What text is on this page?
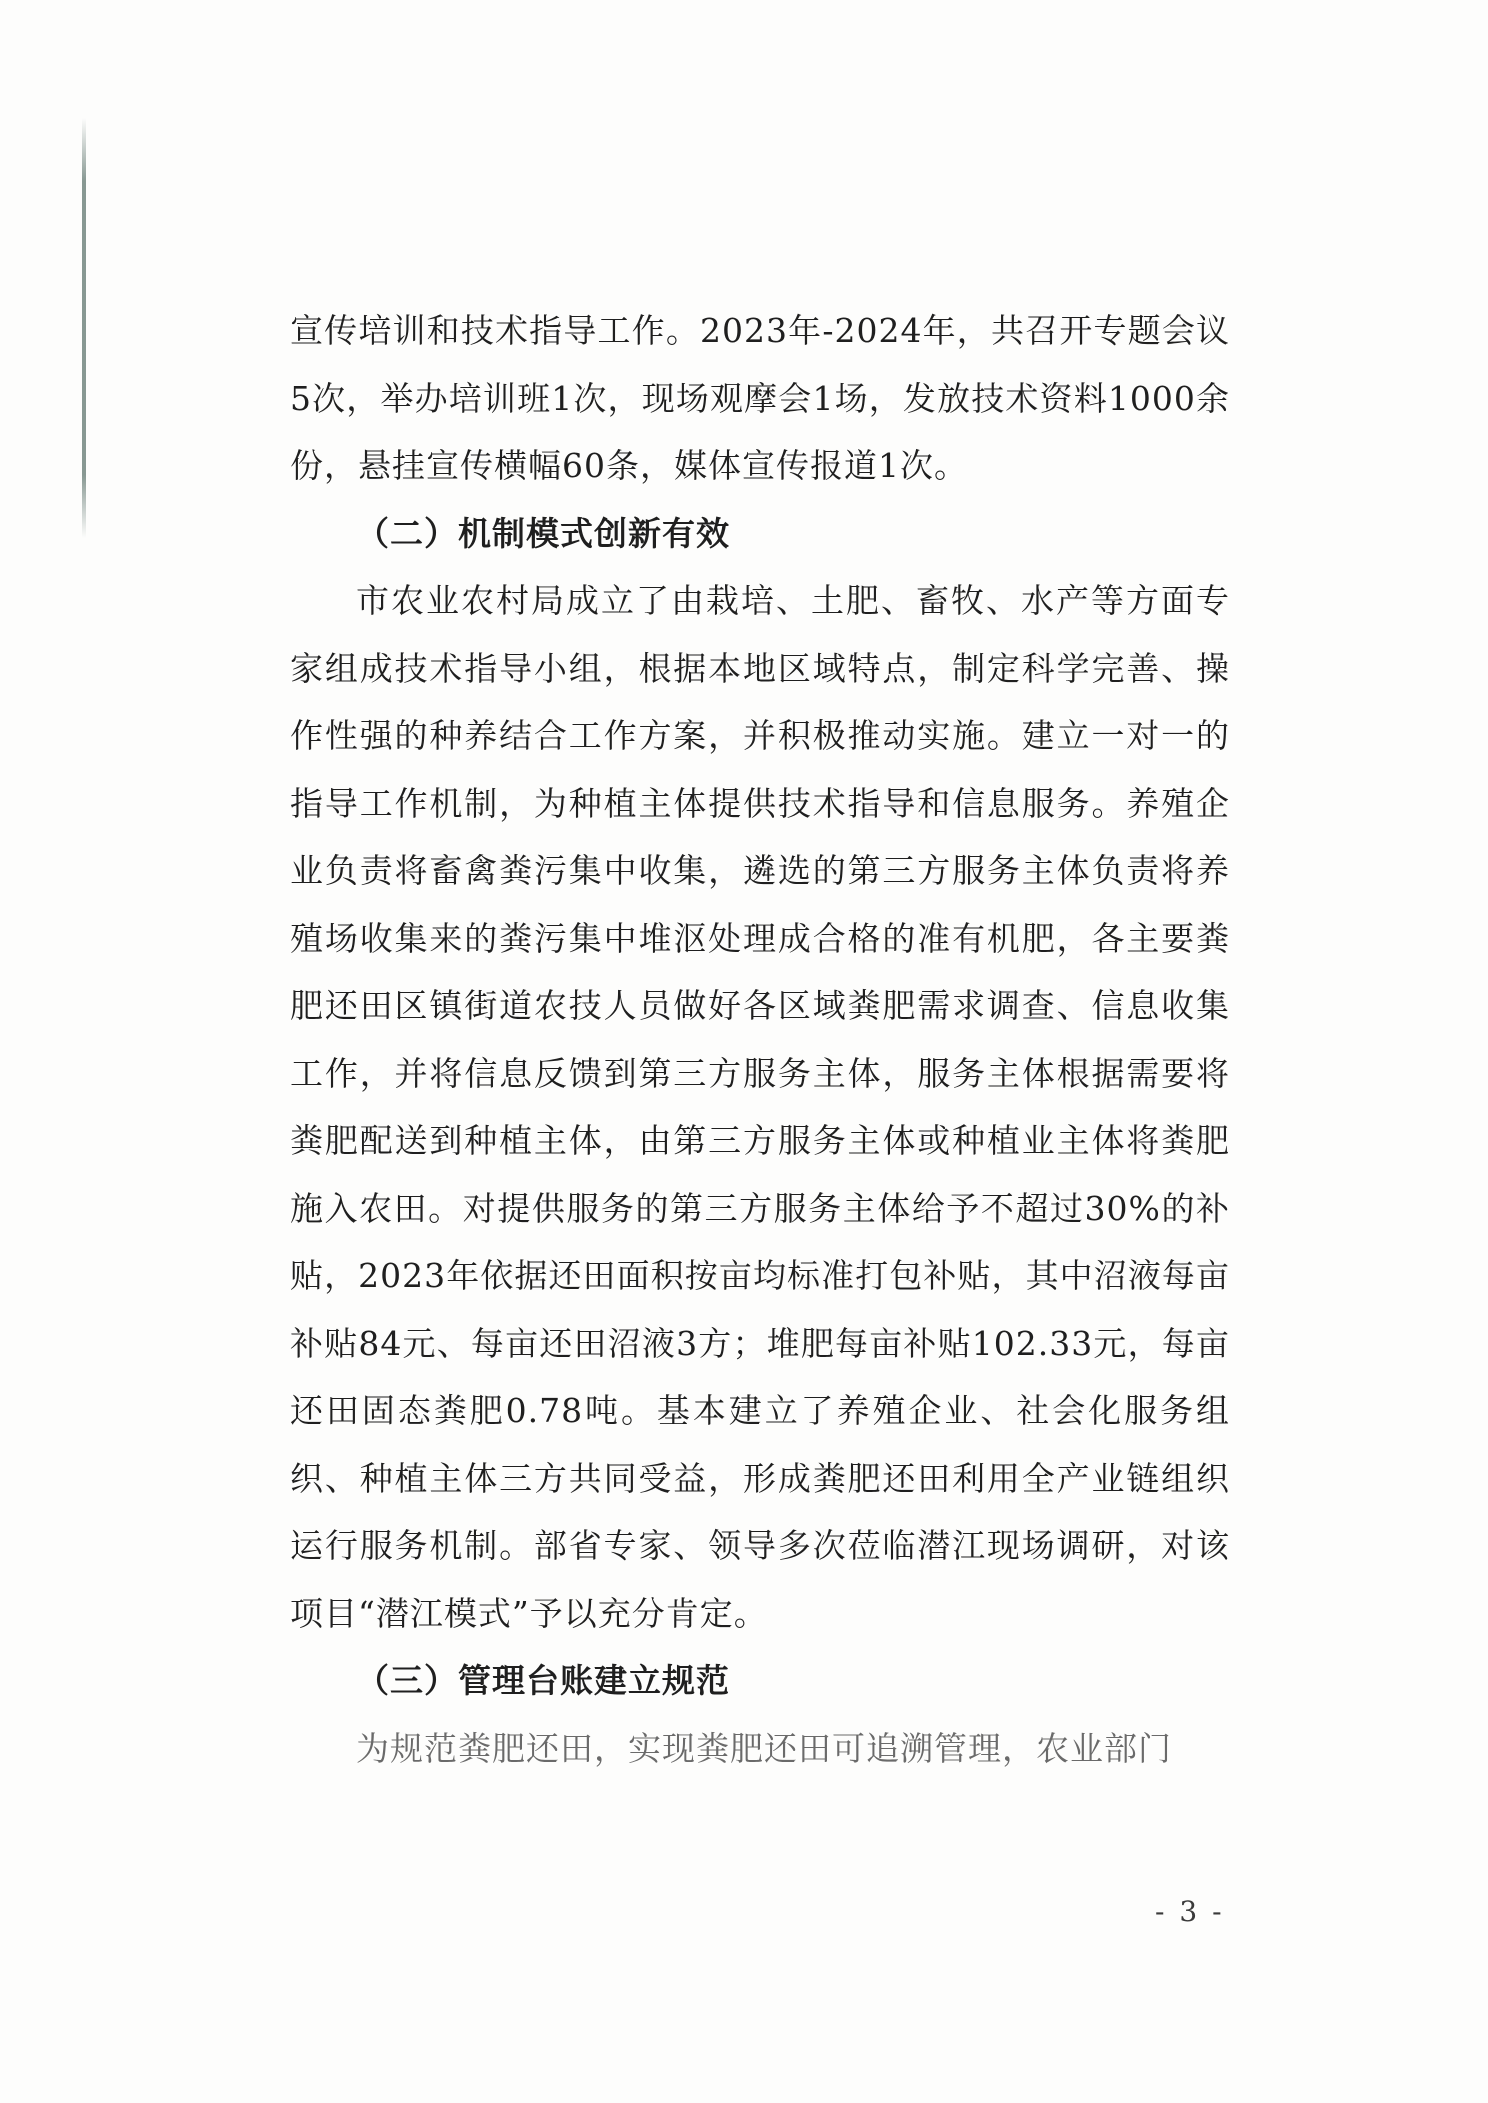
宣传培训和技术指导工作。2023年-2024年，共召开专题会议5次，举办培训班1次，现场观摩会1场，发放技术资料1000余份，悬挂宣传横幅60条，媒体宣传报道1次。

（二）机制模式创新有效

市农业农村局成立了由栽培、土肥、畜牧、水产等方面专家组成技术指导小组，根据本地区域特点，制定科学完善、操作性强的种养结合工作方案，并积极推动实施。建立一对一的指导工作机制，为种植主体提供技术指导和信息服务。养殖企业负责将畜禽粪污集中收集，遴选的第三方服务主体负责将养殖场收集来的粪污集中堆沤处理成合格的准有机肥，各主要粪肥还田区镇街道农技人员做好各区域粪肥需求调查、信息收集工作，并将信息反馈到第三方服务主体，服务主体根据需要将粪肥配送到种植主体，由第三方服务主体或种植业主体将粪肥施入农田。对提供服务的第三方服务主体给予不超过30%的补贴，2023年依据还田面积按亩均标准打包补贴，其中沼液每亩补贴84元、每亩还田沼液3方；堆肥每亩补贴102.33元，每亩还田固态粪肥0.78吨。基本建立了养殖企业、社会化服务组织、种植主体三方共同受益，形成粪肥还田利用全产业链组织运行服务机制。部省专家、领导多次莅临潜江现场调研，对该项目“潜江模式”予以充分肯定。

（三）管理台账建立规范

为规范粪肥还田，实现粪肥还田可追溯管理，农业部门

- 3 -
